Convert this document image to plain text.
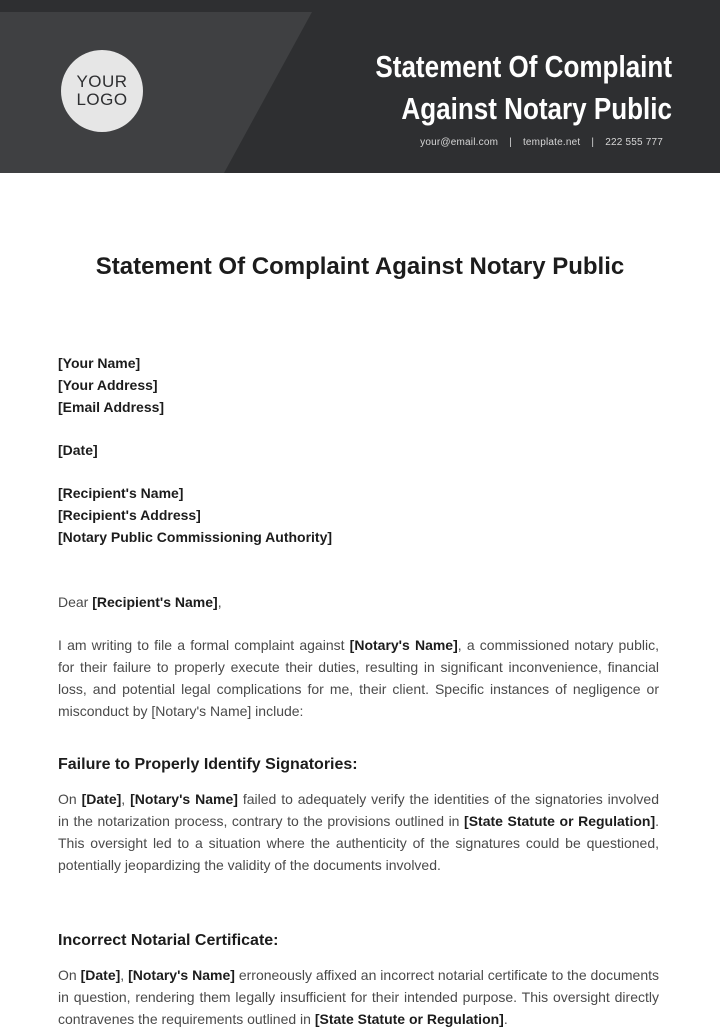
YOUR
LOGO
Statement Of Complaint
Against Notary Public
your@email.com | template.net | 222 555 777
Statement Of Complaint Against Notary Public
[Your Name]
[Your Address]
[Email Address]
[Date]
[Recipient's Name]
[Recipient's Address]
[Notary Public Commissioning Authority]

Dear [Recipient's Name],

I am writing to file a formal complaint against [Notary's Name], a commissioned notary public, for their failure to properly execute their duties, resulting in significant inconvenience, financial loss, and potential legal complications for me, their client. Specific instances of negligence or misconduct by [Notary's Name] include:

Failure to Properly Identify Signatories:

On [Date], [Notary's Name] failed to adequately verify the identities of the signatories involved in the notarization process, contrary to the provisions outlined in [State Statute or Regulation]. This oversight led to a situation where the authenticity of the signatures could be questioned, potentially jeopardizing the validity of the documents involved.

Incorrect Notarial Certificate:

On [Date], [Notary's Name] erroneously affixed an incorrect notarial certificate to the documents in question, rendering them legally insufficient for their intended purpose. This oversight directly contravenes the requirements outlined in [State Statute or Regulation].
